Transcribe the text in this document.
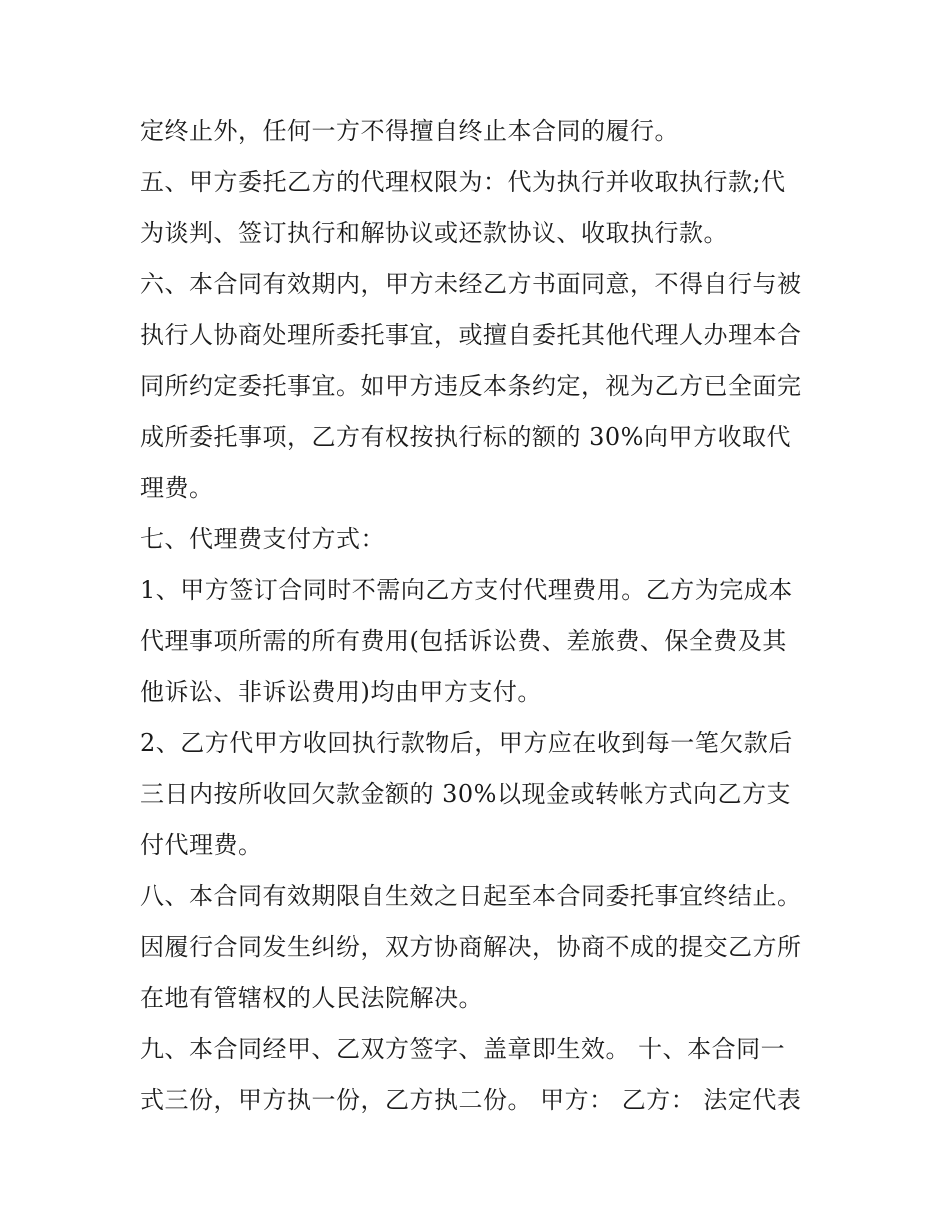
定终止外，任何一方不得擅自终止本合同的履行。
五、甲方委托乙方的代理权限为：代为执行并收取执行款;代
为谈判、签订执行和解协议或还款协议、收取执行款。
六、本合同有效期内，甲方未经乙方书面同意，不得自行与被
执行人协商处理所委托事宜，或擅自委托其他代理人办理本合
同所约定委托事宜。如甲方违反本条约定，视为乙方已全面完
成所委托事项，乙方有权按执行标的额的 30%向甲方收取代
理费。
七、代理费支付方式：
1、甲方签订合同时不需向乙方支付代理费用。乙方为完成本
代理事项所需的所有费用(包括诉讼费、差旅费、保全费及其
他诉讼、非诉讼费用)均由甲方支付。
2、乙方代甲方收回执行款物后，甲方应在收到每一笔欠款后
三日内按所收回欠款金额的 30%以现金或转帐方式向乙方支
付代理费。
八、本合同有效期限自生效之日起至本合同委托事宜终结止。
因履行合同发生纠纷，双方协商解决，协商不成的提交乙方所
在地有管辖权的人民法院解决。
九、本合同经甲、乙双方签字、盖章即生效。 十、本合同一
式三份，甲方执一份，乙方执二份。 甲方： 乙方： 法定代表
